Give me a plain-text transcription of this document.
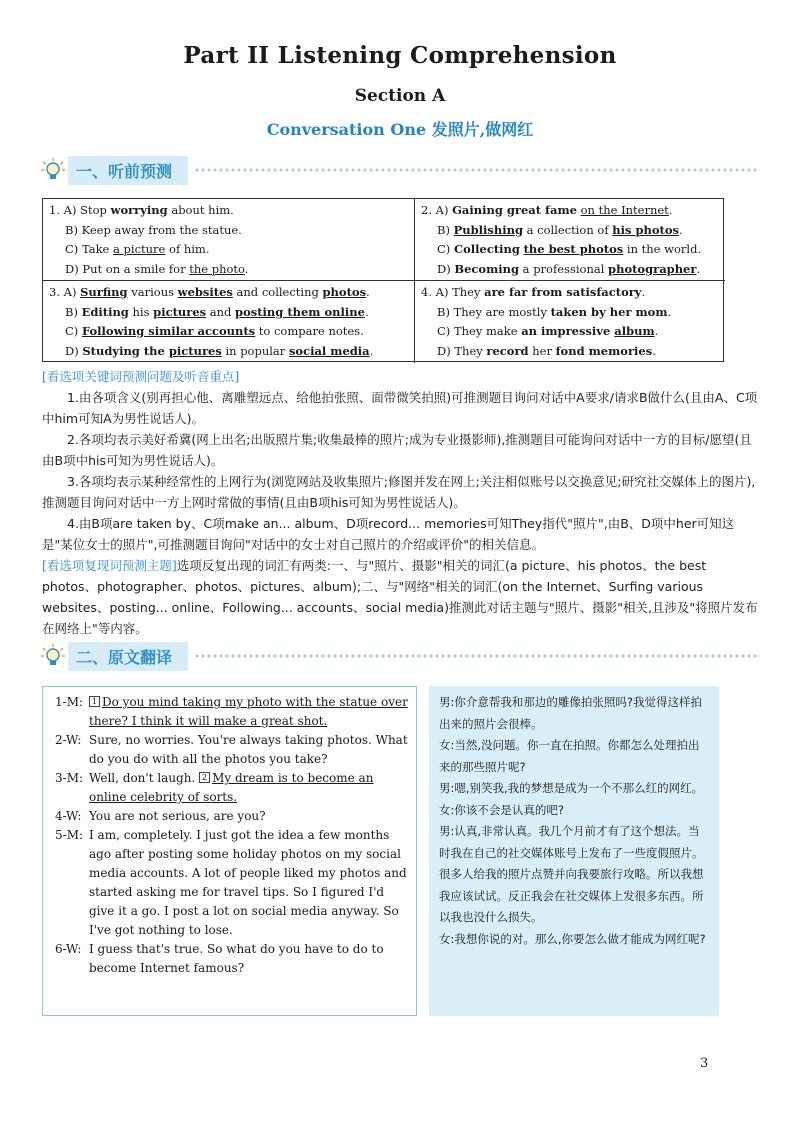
Part II Listening Comprehension
Section A
Conversation One 发照片,做网红
一、听前预测
1. A) Stop worrying about him.
B) Keep away from the statue.
C) Take a picture of him.
D) Put on a smile for the photo.
2. A) Gaining great fame on the Internet.
B) Publishing a collection of his photos.
C) Collecting the best photos in the world.
D) Becoming a professional photographer.
3. A) Surfing various websites and collecting photos.
B) Editing his pictures and posting them online.
C) Following similar accounts to compare notes.
D) Studying the pictures in popular social media.
4. A) They are far from satisfactory.
B) They are mostly taken by her mom.
C) They make an impressive album.
D) They record her fond memories.
[看选项关键词预测问题及听音重点]

1.由各项含义(别再担心他、离雕塑远点、给他拍张照、面带微笑拍照)可推测题目询问对话中A要求/请求B做什么(且由A、C项中him可知A为男性说话人)。

2.各项均表示美好希冀(网上出名;出版照片集;收集最棒的照片;成为专业摄影师),推测题目可能询问对话中一方的目标/愿望(且由B项中his可知为男性说话人)。

3.各项均表示某种经常性的上网行为(浏览网站及收集照片;修图并发在网上;关注相似账号以交换意见;研究社交媒体上的图片),推测题目询问对话中一方上网时常做的事情(且由B项his可知为男性说话人)。

4.由B项are taken by、C项make an... album、D项record... memories可知They指代"照片",由B、D项中her可知这是"某位女士的照片",可推测题目询问"对话中的女士对自己照片的介绍或评价"的相关信息。

[看选项复现词预测主题]选项反复出现的词汇有两类:一、与"照片、摄影"相关的词汇(a picture、his photos、the best photos、photographer、photos、pictures、album);二、与"网络"相关的词汇(on the Internet、Surfing various websites、posting... online、Following... accounts、social media)推测此对话主题与"照片、摄影"相关,且涉及"将照片发布在网络上"等内容。
二、原文翻译
1-M:	1 Do you mind taking my photo with the statue over there? I think it will make a great shot.
2-W: Sure, no worries. You're always taking photos. What do you do with all the photos you take?
3-M: Well, don't laugh. 2 My dream is to become an online celebrity of sorts.
4-W: You are not serious, are you?
5-M: I am, completely. I just got the idea a few months ago after posting some holiday photos on my social media accounts. A lot of people liked my photos and started asking me for travel tips. So I figured I'd give it a go. I post a lot on social media anyway. So I've got nothing to lose.
6-W: I guess that's true. So what do you have to do to become Internet famous?
男:你介意帮我和那边的雕像拍张照吗?我觉得这样拍出来的照片会很棒。
女:当然,没问题。你一直在拍照。你都怎么处理拍出来的那些照片呢?
男:嗯,别笑我,我的梦想是成为一个不那么红的网红。
女:你该不会是认真的吧?
男:认真,非常认真。我几个月前才有了这个想法。当时我在自己的社交媒体账号上发布了一些度假照片。很多人给我的照片点赞并向我要旅行攻略。所以我想我应该试试。反正我会在社交媒体上发很多东西。所以我也没什么损失。
女:我想你说的对。那么,你要怎么做才能成为网红呢?
3
